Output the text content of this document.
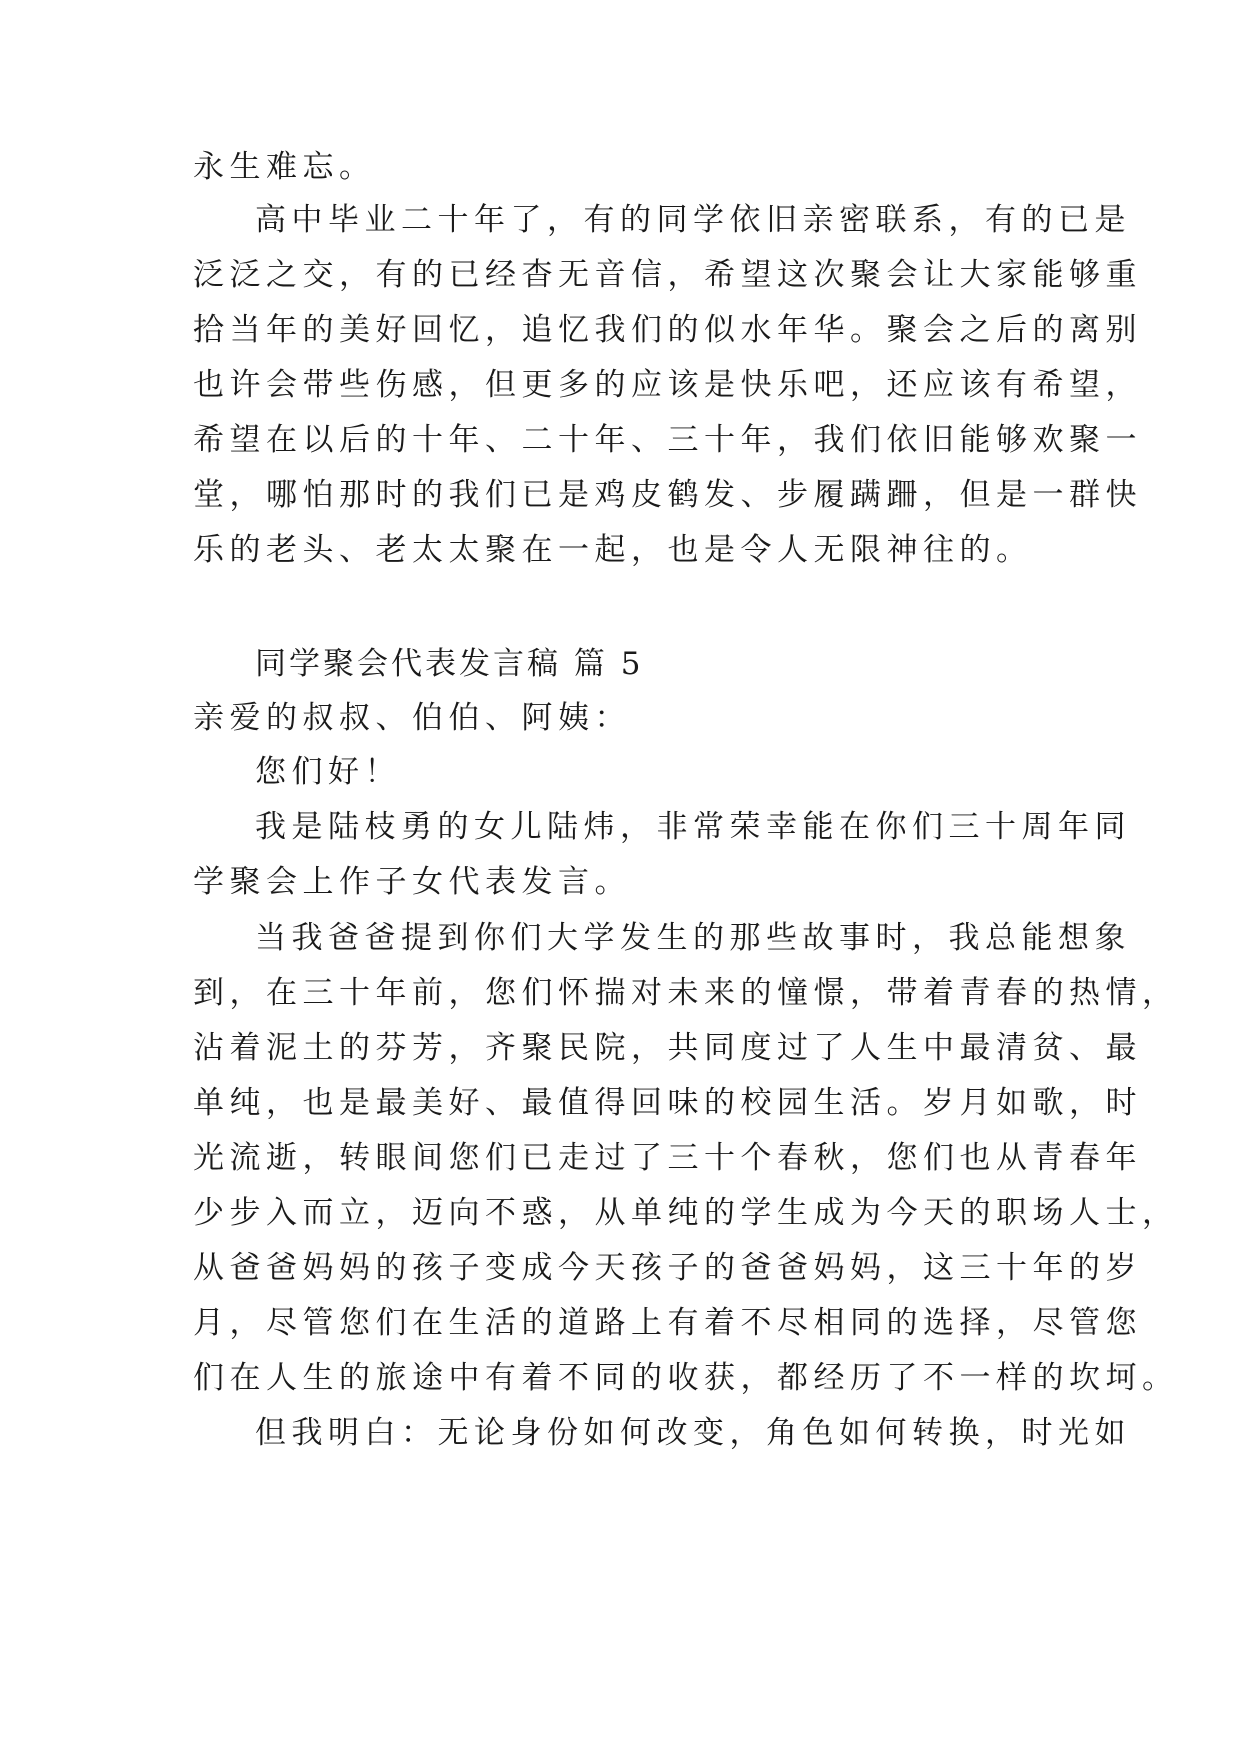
永生难忘。
高中毕业二十年了，有的同学依旧亲密联系，有的已是
泛泛之交，有的已经杳无音信，希望这次聚会让大家能够重
拾当年的美好回忆，追忆我们的似水年华。聚会之后的离别
也许会带些伤感，但更多的应该是快乐吧，还应该有希望，
希望在以后的十年、二十年、三十年，我们依旧能够欢聚一
堂，哪怕那时的我们已是鸡皮鹤发、步履蹒跚，但是一群快
乐的老头、老太太聚在一起，也是令人无限神往的。
同学聚会代表发言稿 篇 5
亲爱的叔叔、伯伯、阿姨：
您们好！
我是陆枝勇的女儿陆炜，非常荣幸能在你们三十周年同
学聚会上作子女代表发言。
当我爸爸提到你们大学发生的那些故事时，我总能想象
到，在三十年前，您们怀揣对未来的憧憬，带着青春的热情，
沾着泥土的芬芳，齐聚民院，共同度过了人生中最清贫、最
单纯，也是最美好、最值得回味的校园生活。岁月如歌，时
光流逝，转眼间您们已走过了三十个春秋，您们也从青春年
少步入而立，迈向不惑，从单纯的学生成为今天的职场人士，
从爸爸妈妈的孩子变成今天孩子的爸爸妈妈，这三十年的岁
月，尽管您们在生活的道路上有着不尽相同的选择，尽管您
们在人生的旅途中有着不同的收获，都经历了不一样的坎坷。
但我明白：无论身份如何改变，角色如何转换，时光如
